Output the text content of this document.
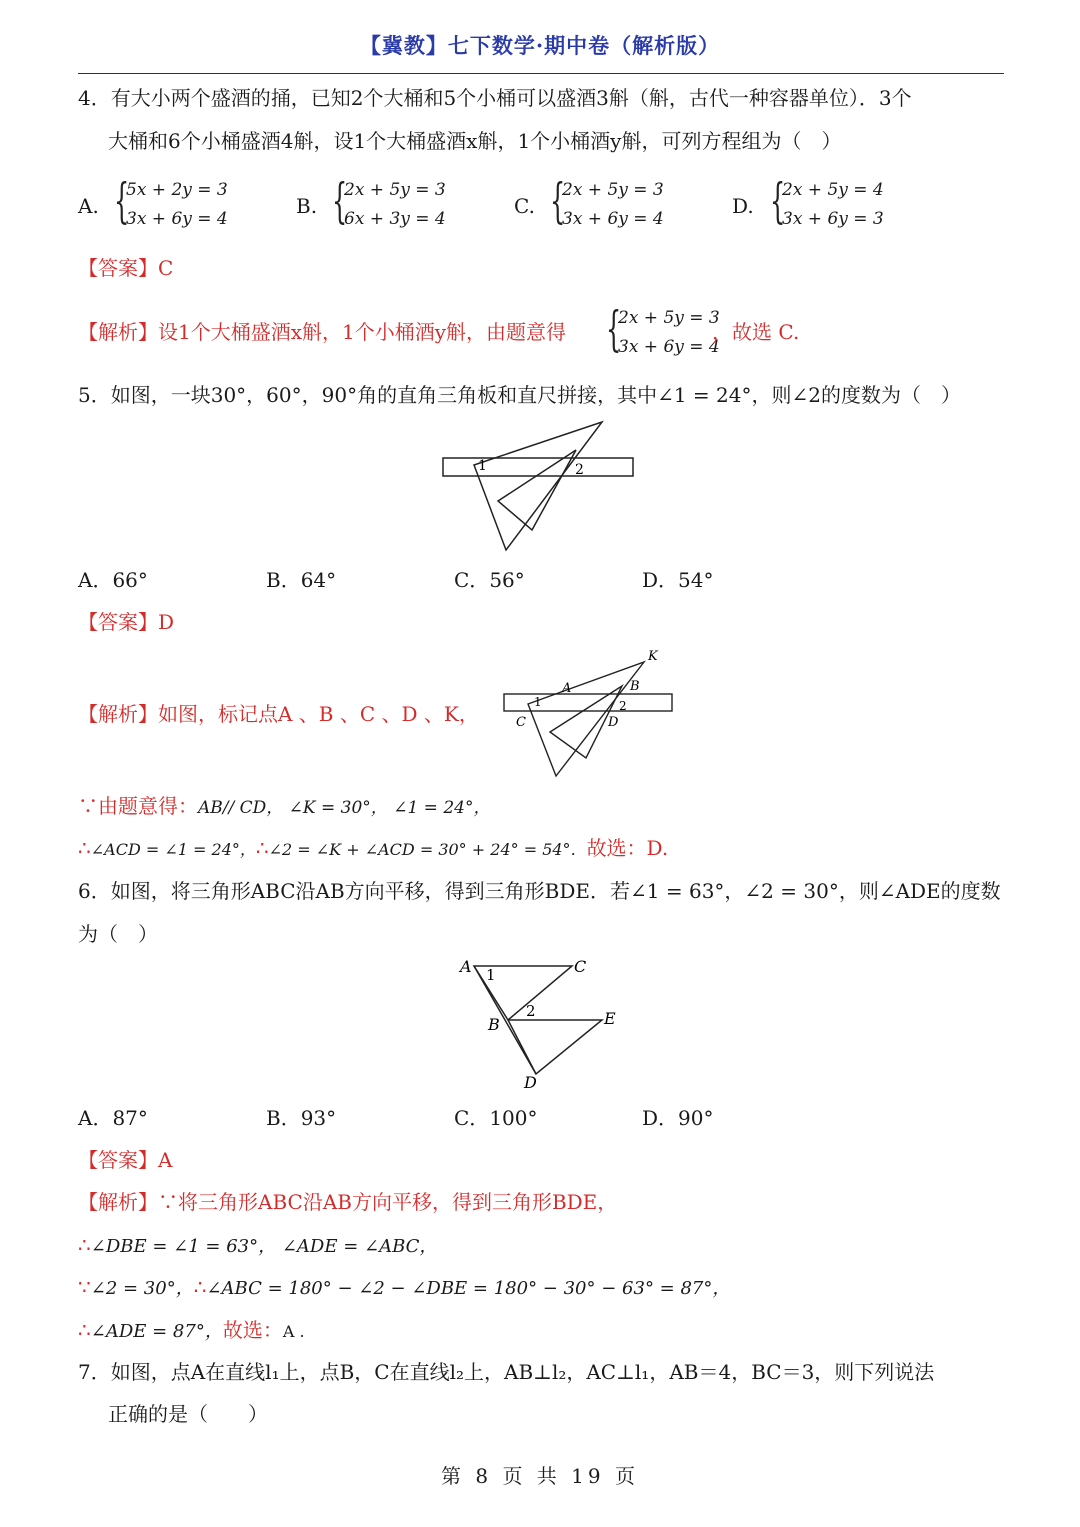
【冀教】七下数学·期中卷（解析版）
4．有大小两个盛酒的捅，已知2个大桶和5个小桶可以盛酒3斛（斛，古代一种容器单位）．3个
大桶和6个小桶盛酒4斛，设1个大桶盛酒x斛，1个小桶酒y斛，可列方程组为（　）
A. {
5x + 2y = 3
3x + 6y = 4
B. {
2x + 5y = 3
6x + 3y = 4
C. {
2x + 5y = 3
3x + 6y = 4
D. {
2x + 5y = 4
3x + 6y = 3
【答案】C
【解析】设1个大桶盛酒x斛，1个小桶酒y斛，由题意得 {
2x + 5y = 3
3x + 6y = 4
，故选 C.
5．如图，一块30°，60°，90°角的直角三角板和直尺拼接，其中∠1 = 24°，则∠2的度数为（　）
1	2
A．66°	B．64°	C．56°	D．54°
【答案】D
【解析】如图，标记点A 、B 、C 、D 、K，
K
A	B
C	D
1	2
∵由题意得：AB// CD， ∠K = 30°， ∠1 = 24°，
∴∠ACD = ∠1 = 24°，∴∠2 = ∠K + ∠ACD = 30° + 24° = 54°．故选：D.
6．如图，将三角形ABC沿AB方向平移，得到三角形BDE．若∠1 = 63°，∠2 = 30°，则∠ADE的度数
为（　）
A	C
1
2
B	E
D
A．87°	B．93°	C．100°	D．90°
【答案】A
【解析】∵将三角形ABC沿AB方向平移，得到三角形BDE，
∴∠DBE = ∠1 = 63°， ∠ADE = ∠ABC，
∵∠2 = 30°，∴∠ABC = 180° − ∠2 − ∠DBE = 180° − 30° − 63° = 87°，
∴∠ADE = 87°，故选：A .
7．如图，点A在直线l₁上，点B，C在直线l₂上，AB⊥l₂，AC⊥l₁，AB＝4，BC＝3，则下列说法
正确的是（　　）
第 8 页 共 19 页
